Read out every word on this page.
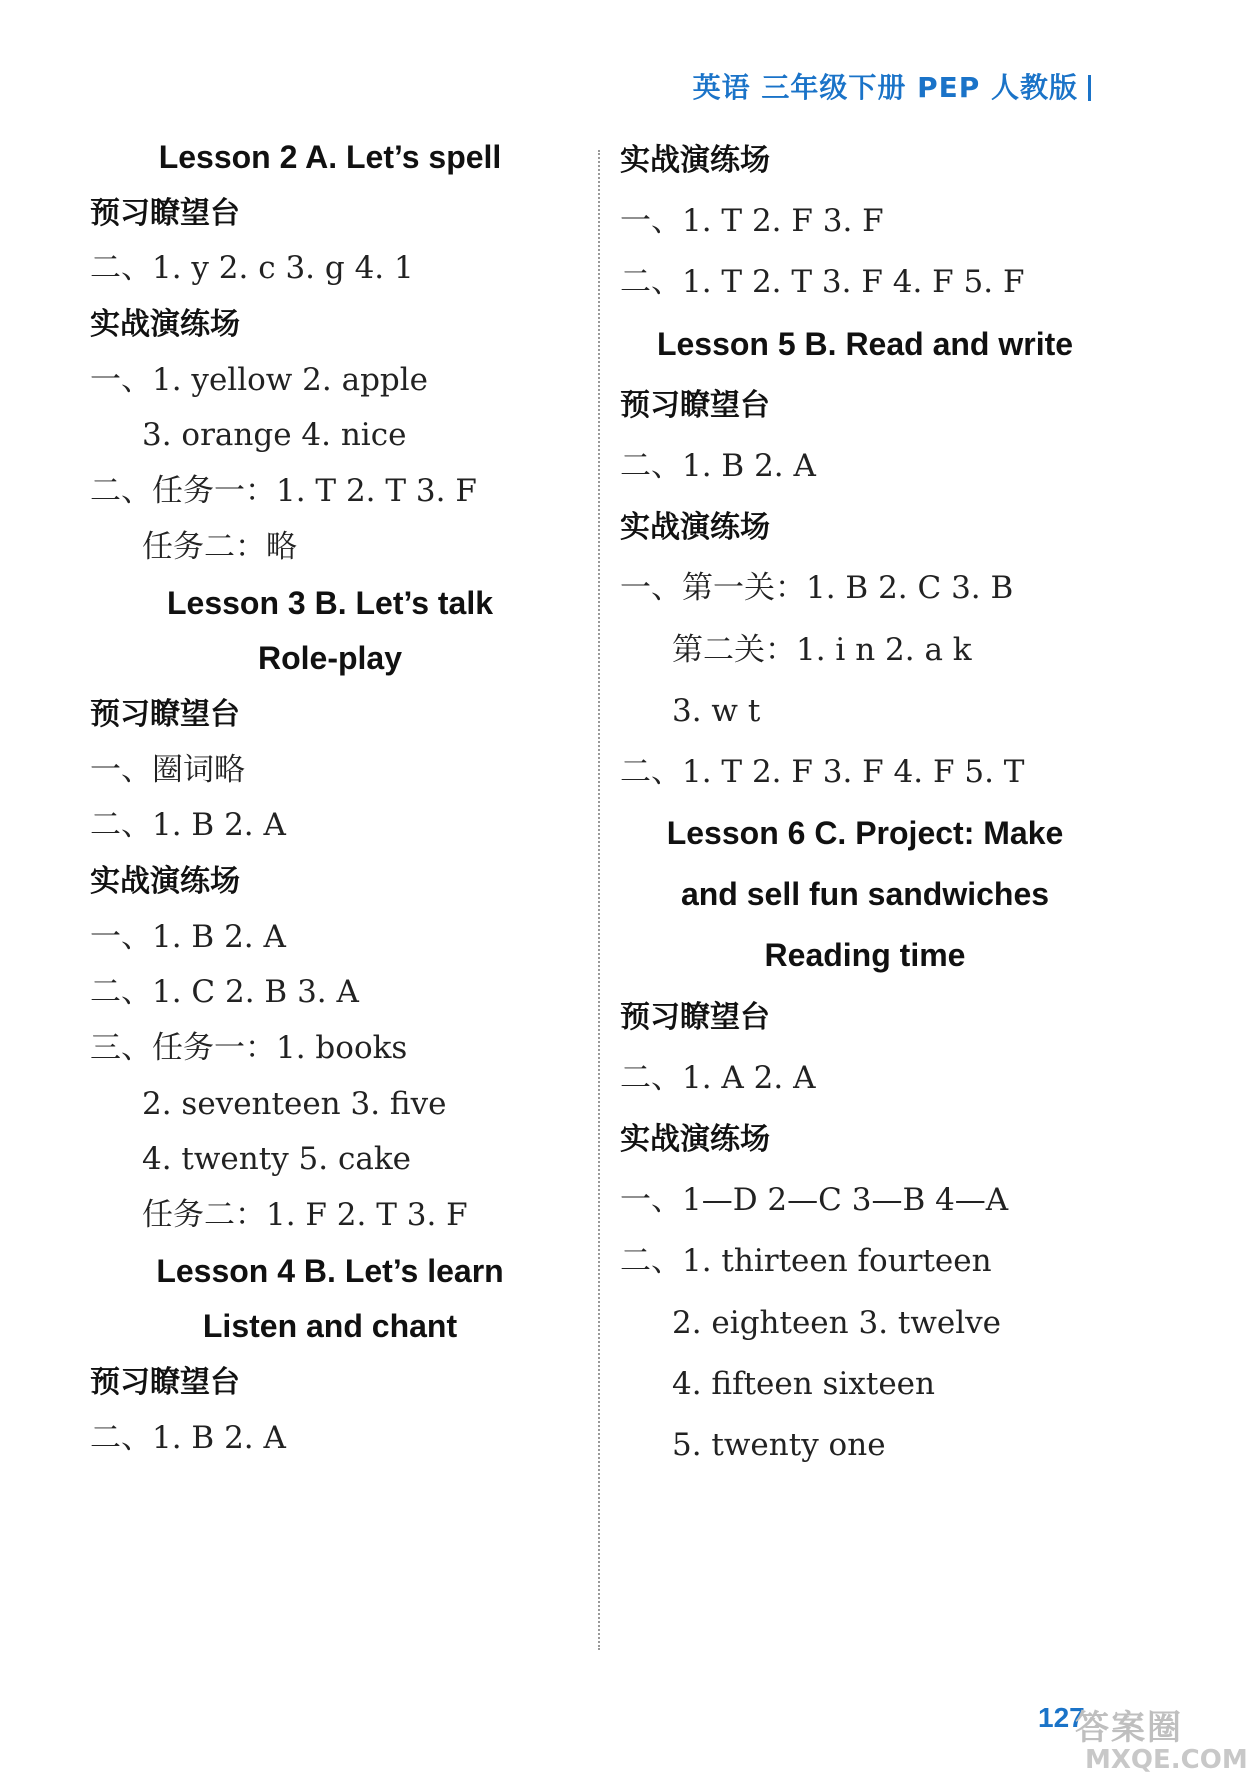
英语 三年级下册 PEP 人教版
Lesson 2 A. Let’s spell
预习瞭望台
二、1. y 2. c 3. g 4. 1
实战演练场
一、1. yellow 2. apple
3. orange 4. nice
二、任务一：1. T 2. T 3. F
任务二：略
Lesson 3 B. Let’s talk
Role-play
预习瞭望台
一、圈词略
二、1. B 2. A
实战演练场
一、1. B 2. A
二、1. C 2. B 3. A
三、任务一：1. books
2. seventeen 3. five
4. twenty 5. cake
任务二：1. F 2. T 3. F
Lesson 4 B. Let’s learn
Listen and chant
预习瞭望台
二、1. B 2. A
实战演练场
一、1. T 2. F 3. F
二、1. T 2. T 3. F 4. F 5. F
Lesson 5 B. Read and write
预习瞭望台
二、1. B 2. A
实战演练场
一、第一关：1. B 2. C 3. B
第二关：1. i n 2. a k
3. w t
二、1. T 2. F 3. F 4. F 5. T
Lesson 6 C. Project: Make
and sell fun sandwiches
Reading time
预习瞭望台
二、1. A 2. A
实战演练场
一、1—D 2—C 3—B 4—A
二、1. thirteen fourteen
2. eighteen 3. twelve
4. fifteen sixteen
5. twenty one
127
答案圈
MXQE.COM
